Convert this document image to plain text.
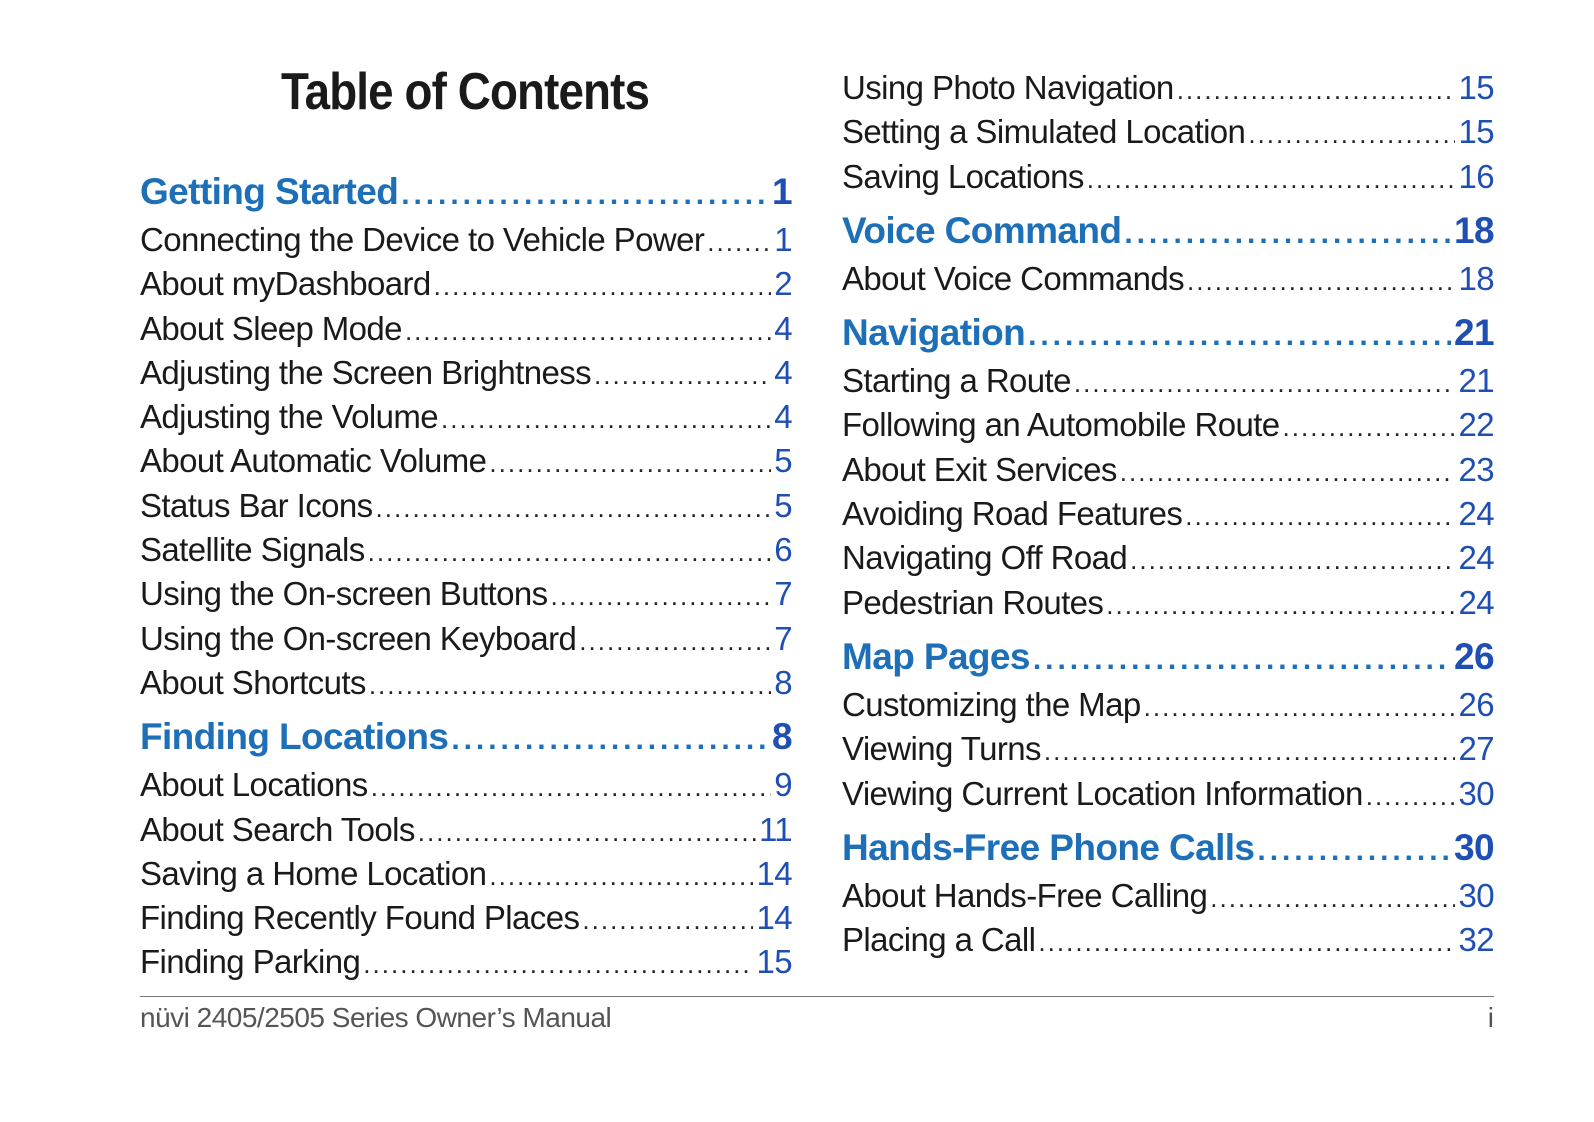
Table of Contents
Getting Started . . .	1
Connecting the Device to Vehicle Power . . . 1
About myDashboard . . .	2
About Sleep Mode . . .	4
Adjusting the Screen Brightness . . .	4
Adjusting the Volume . . .	4
About Automatic Volume . . .	5
Status Bar Icons . . .	5
Satellite Signals . . .	6
Using the On-screen Buttons . . .	7
Using the On-screen Keyboard . . .	7
About Shortcuts . . .	8
Finding Locations . . .	8
About Locations . . .	9
About Search Tools . . .	11
Saving a Home Location . . .	14
Finding Recently Found Places . . .	14
Finding Parking . . .	15
Using Photo Navigation . . .	15
Setting a Simulated Location . . .	15
Saving Locations . . .	16
Voice Command . . .	18
About Voice Commands . . .	18
Navigation . . .	21
Starting a Route . . .	21
Following an Automobile Route . . .	22
About Exit Services . . .	23
Avoiding Road Features . . .	24
Navigating Off Road . . .	24
Pedestrian Routes . . .	24
Map Pages . . .	26
Customizing the Map . . .	26
Viewing Turns . . .	27
Viewing Current Location Information . . .	30
Hands-Free Phone Calls . . .	30
About Hands-Free Calling . . .	30
Placing a Call . . .	32
nüvi 2405/2505 Series Owner’s Manual	i
